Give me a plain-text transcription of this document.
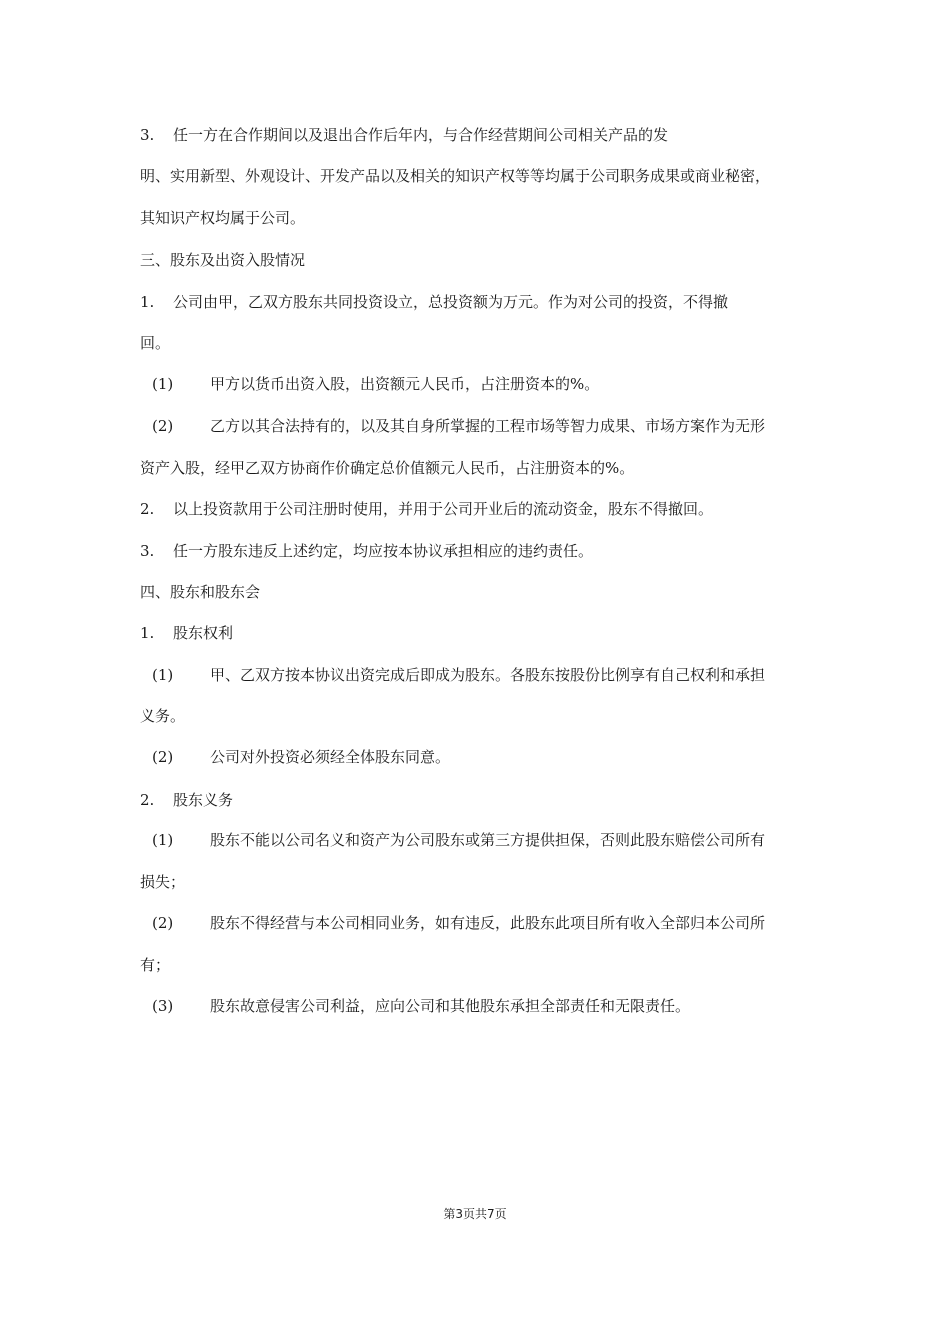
3. 任一方在合作期间以及退出合作后年内，与合作经营期间公司相关产品的发
明、实用新型、外观设计、开发产品以及相关的知识产权等等均属于公司职务成果或商业秘密，
其知识产权均属于公司。
三、股东及出资入股情况
1. 公司由甲，乙双方股东共同投资设立，总投资额为万元。作为对公司的投资，不得撤
回。
(1) 甲方以货币出资入股，出资额元人民币，占注册资本的%。
(2) 乙方以其合法持有的，以及其自身所掌握的工程市场等智力成果、市场方案作为无形
资产入股，经甲乙双方协商作价确定总价值额元人民币，占注册资本的%。
2. 以上投资款用于公司注册时使用，并用于公司开业后的流动资金，股东不得撤回。
3. 任一方股东违反上述约定，均应按本协议承担相应的违约责任。
四、股东和股东会
1. 股东权利
(1) 甲、乙双方按本协议出资完成后即成为股东。各股东按股份比例享有自己权利和承担
义务。
(2) 公司对外投资必须经全体股东同意。
2. 股东义务
(1) 股东不能以公司名义和资产为公司股东或第三方提供担保，否则此股东赔偿公司所有
损失；
(2) 股东不得经营与本公司相同业务，如有违反，此股东此项目所有收入全部归本公司所
有；
(3) 股东故意侵害公司利益，应向公司和其他股东承担全部责任和无限责任。
第3页共7页
